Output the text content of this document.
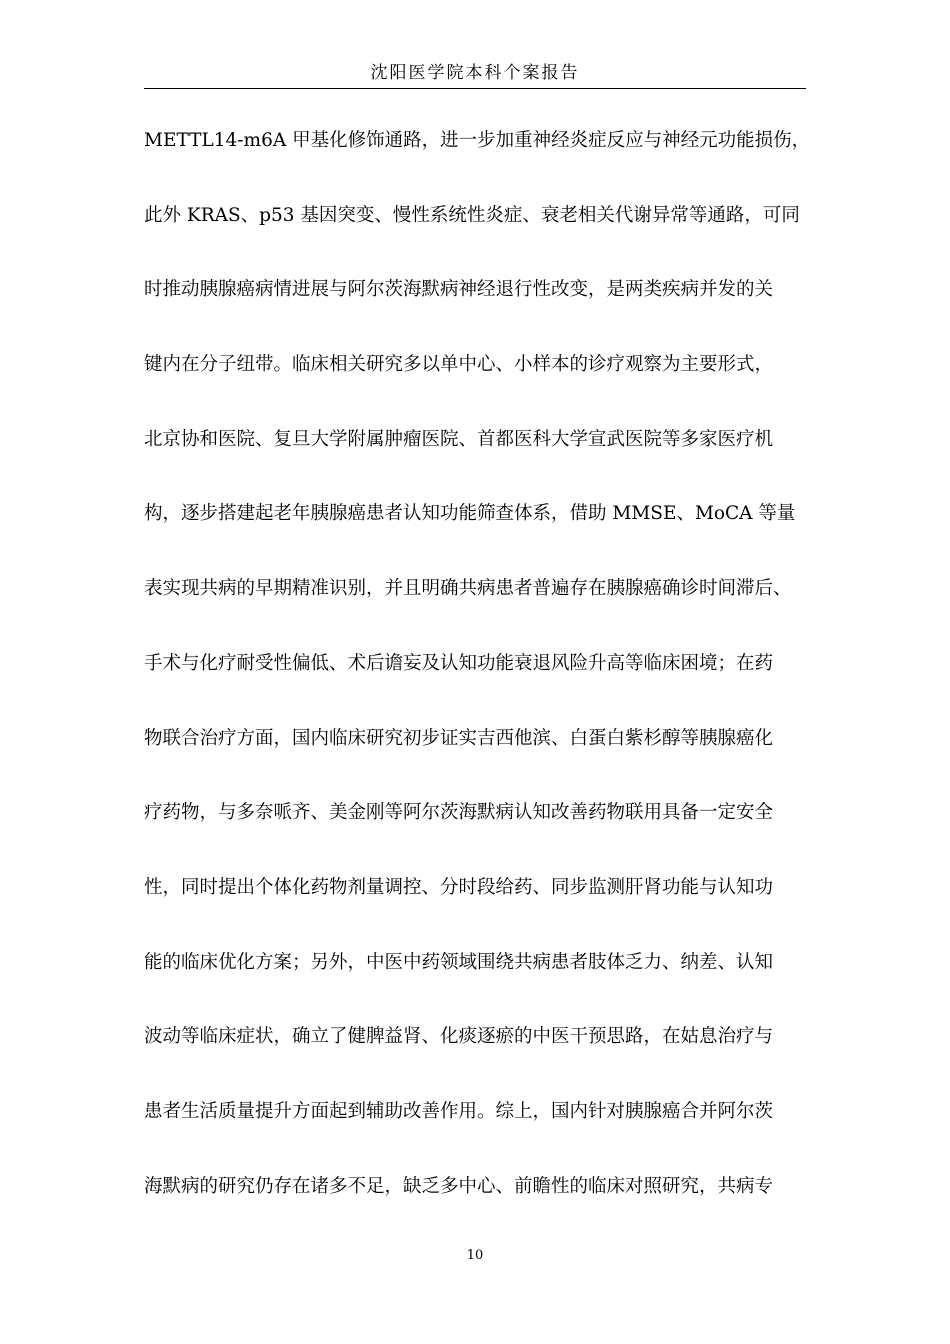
沈阳医学院本科个案报告
METTL14-m6A 甲基化修饰通路，进一步加重神经炎症反应与神经元功能损伤，
此外 KRAS、p53 基因突变、慢性系统性炎症、衰老相关代谢异常等通路，可同
时推动胰腺癌病情进展与阿尔茨海默病神经退行性改变，是两类疾病并发的关
键内在分子纽带。临床相关研究多以单中心、小样本的诊疗观察为主要形式，
北京协和医院、复旦大学附属肿瘤医院、首都医科大学宣武医院等多家医疗机
构，逐步搭建起老年胰腺癌患者认知功能筛查体系，借助 MMSE、MoCA 等量
表实现共病的早期精准识别，并且明确共病患者普遍存在胰腺癌确诊时间滞后、
手术与化疗耐受性偏低、术后谵妄及认知功能衰退风险升高等临床困境；在药
物联合治疗方面，国内临床研究初步证实吉西他滨、白蛋白紫杉醇等胰腺癌化
疗药物，与多奈哌齐、美金刚等阿尔茨海默病认知改善药物联用具备一定安全
性，同时提出个体化药物剂量调控、分时段给药、同步监测肝肾功能与认知功
能的临床优化方案；另外，中医中药领域围绕共病患者肢体乏力、纳差、认知
波动等临床症状，确立了健脾益肾、化痰逐瘀的中医干预思路，在姑息治疗与
患者生活质量提升方面起到辅助改善作用。综上，国内针对胰腺癌合并阿尔茨
海默病的研究仍存在诸多不足，缺乏多中心、前瞻性的临床对照研究，共病专
10
